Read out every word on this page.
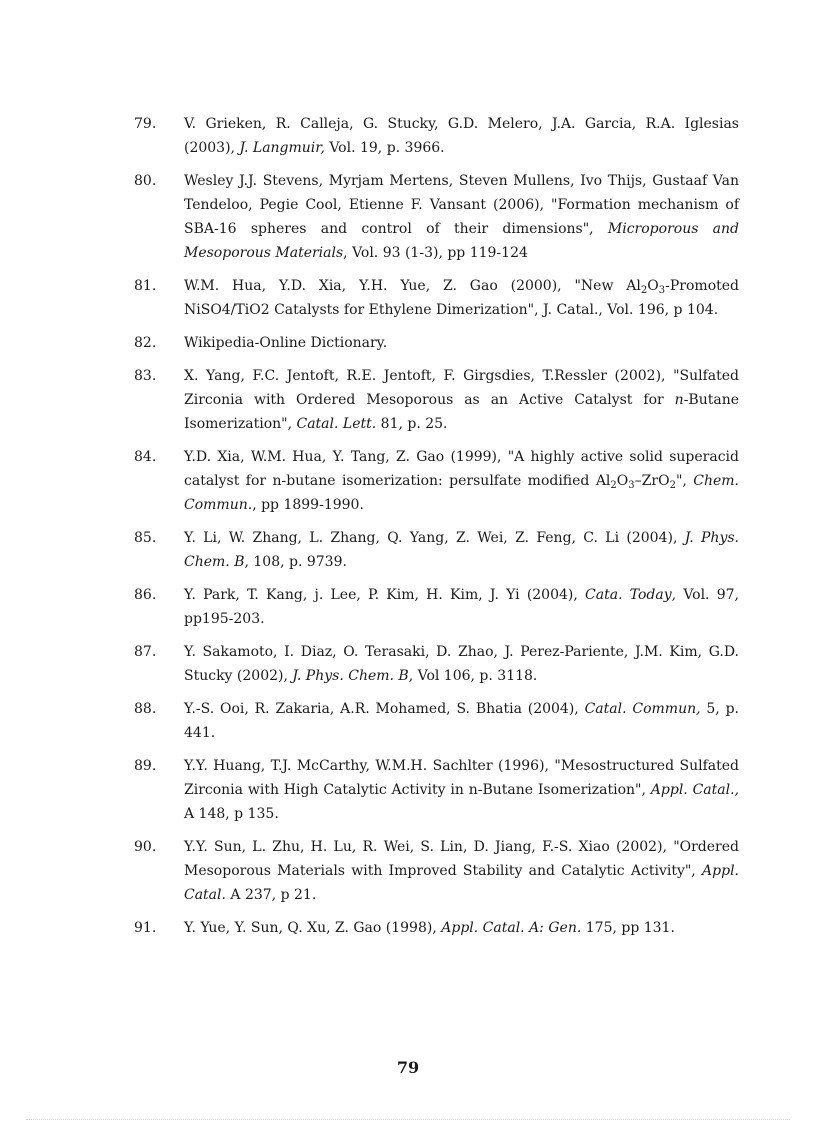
79.	V. Grieken, R. Calleja, G. Stucky, G.D. Melero, J.A. Garcia, R.A. Iglesias (2003), J. Langmuir, Vol. 19, p. 3966.

80.	Wesley J.J. Stevens, Myrjam Mertens, Steven Mullens, Ivo Thijs, Gustaaf Van Tendeloo, Pegie Cool, Etienne F. Vansant (2006), "Formation mechanism of SBA-16 spheres and control of their dimensions", Microporous and Mesoporous Materials, Vol. 93 (1-3), pp 119-124

81.	W.M. Hua, Y.D. Xia, Y.H. Yue, Z. Gao (2000), "New $Al_2O_3$-Promoted NiSO4/TiO2 Catalysts for Ethylene Dimerization", J. Catal., Vol. 196, p 104.

82.	Wikipedia-Online Dictionary.

83.	X. Yang, F.C. Jentoft, R.E. Jentoft, F. Girgsdies, T.Ressler (2002), "Sulfated Zirconia with Ordered Mesoporous as an Active Catalyst for n-Butane Isomerization", Catal. Lett. 81, p. 25.

84.	Y.D. Xia, W.M. Hua, Y. Tang, Z. Gao (1999), "A highly active solid superacid catalyst for n-butane isomerization: persulfate modified $Al_2O_3-ZrO_2$", Chem. Commun., pp 1899-1990.

85.	Y. Li, W. Zhang, L. Zhang, Q. Yang, Z. Wei, Z. Feng, C. Li (2004), J. Phys. Chem. B, 108, p. 9739.

86.	Y. Park, T. Kang, j. Lee, P. Kim, H. Kim, J. Yi (2004), Cata. Today, Vol. 97, pp195-203.

87.	Y. Sakamoto, I. Diaz, O. Terasaki, D. Zhao, J. Perez-Pariente, J.M. Kim, G.D. Stucky (2002), J. Phys. Chem. B, Vol 106, p. 3118.

88.	Y.-S. Ooi, R. Zakaria, A.R. Mohamed, S. Bhatia (2004), Catal. Commun, 5, p. 441.

89.	Y.Y. Huang, T.J. McCarthy, W.M.H. Sachlter (1996), "Mesostructured Sulfated Zirconia with High Catalytic Activity in n-Butane Isomerization", Appl. Catal., A 148, p 135.

90.	Y.Y. Sun, L. Zhu, H. Lu, R. Wei, S. Lin, D. Jiang, F.-S. Xiao (2002), "Ordered Mesoporous Materials with Improved Stability and Catalytic Activity", Appl. Catal. A 237, p 21.

91.	Y. Yue, Y. Sun, Q. Xu, Z. Gao (1998), Appl. Catal. A: Gen. 175, pp 131.

79
